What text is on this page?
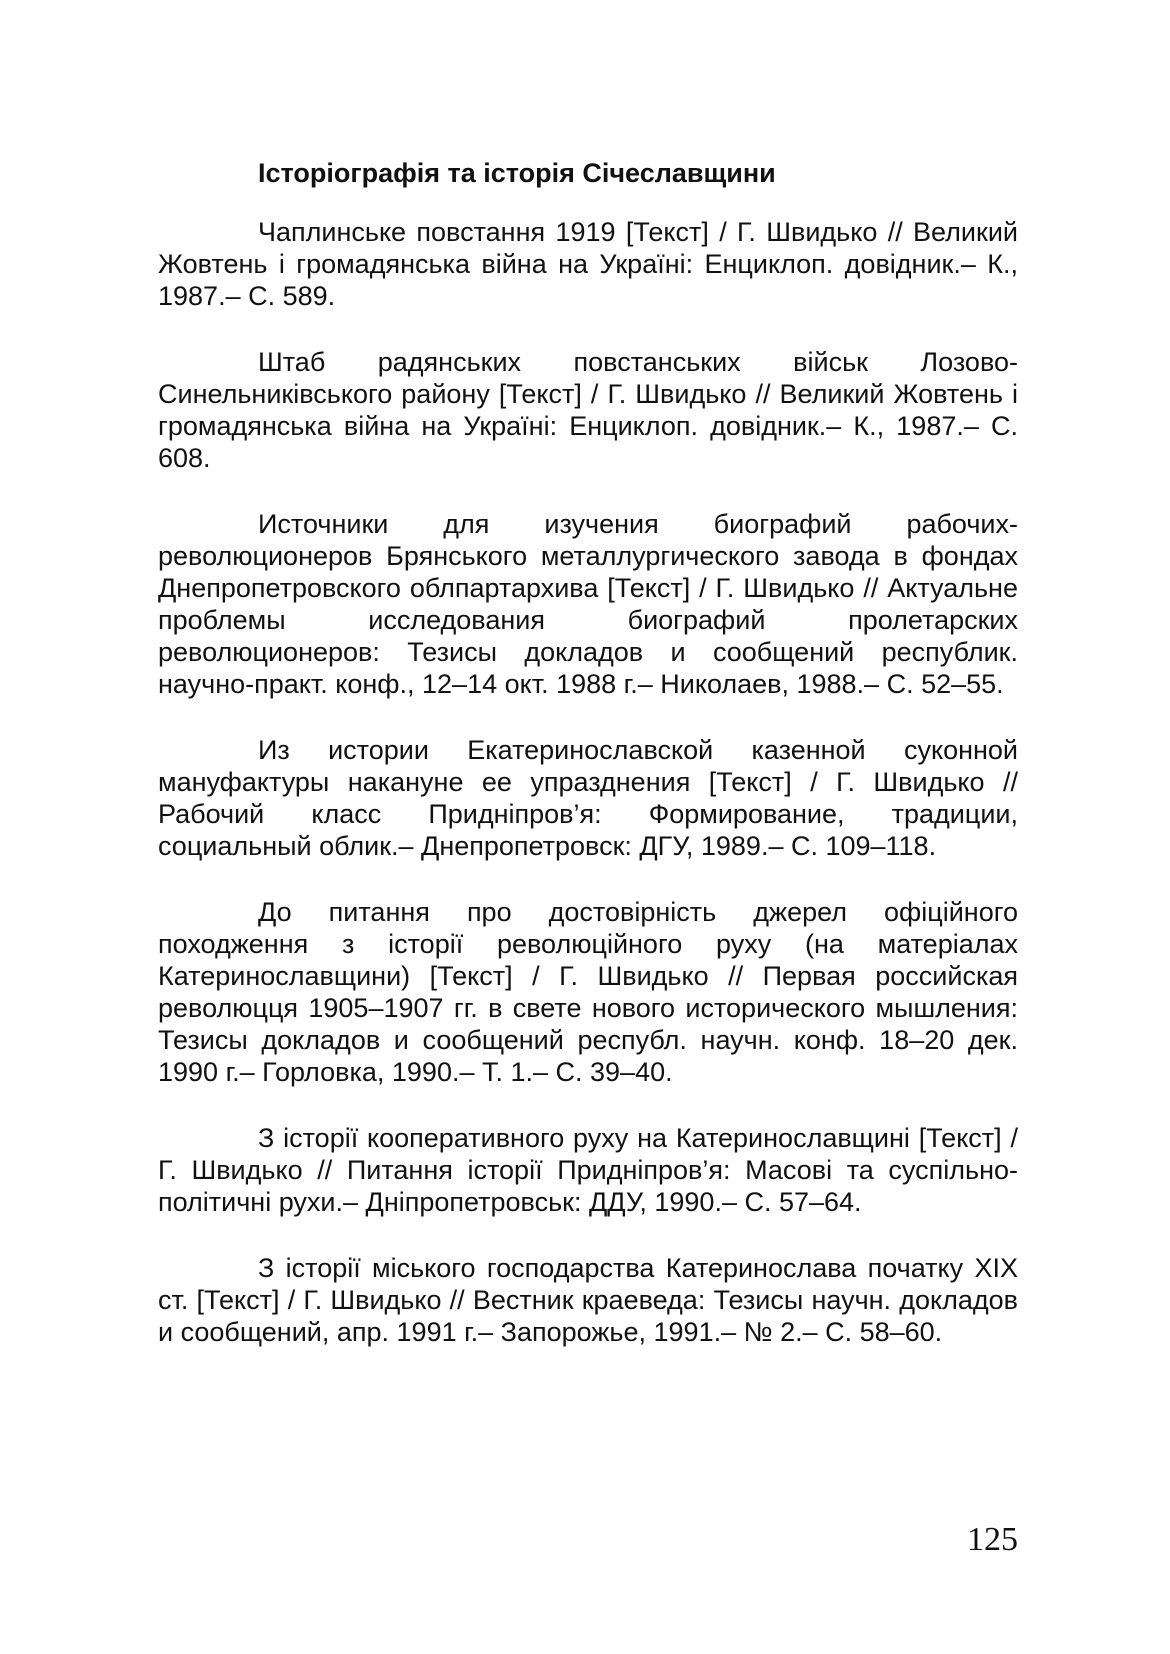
Історіографія та історія Січеславщини
Чаплинське повстання 1919 [Текст] / Г. Швидько // Великий Жовтень і громадянська війна на Україні: Енциклоп. довідник.– К., 1987.– С. 589.
Штаб радянських повстанських військ Лозово-Синельниківського району [Текст] / Г. Швидько // Великий Жовтень і громадянська війна на Україні: Енциклоп. довідник.– К., 1987.– С. 608.
Источники для изучения биографий рабочих-революционеров Брянського металлургического завода в фондах Днепропетровского облпартархива [Текст] / Г. Швидько // Актуальне проблемы исследования биографий пролетарских революционеров: Тезисы докладов и сообщений республик. научно-практ. конф., 12–14 окт. 1988 г.– Николаев, 1988.– С. 52–55.
Из истории Екатеринославской казенной суконной мануфактуры накануне ее упразднения [Текст] / Г. Швидько // Рабочий класс Придніпров’я: Формирование, традиции, социальный облик.– Днепропетровск: ДГУ, 1989.– С. 109–118.
До питання про достовірність джерел офіційного походження з історії революційного руху (на матеріалах Катеринославщини) [Текст] / Г. Швидько // Первая российская революцця 1905–1907 гг. в свете нового исторического мышления: Тезисы докладов и сообщений республ. научн. конф. 18–20 дек. 1990 г.– Горловка, 1990.– Т. 1.– С. 39–40.
З історії кооперативного руху на Катеринославщині [Текст] / Г. Швидько // Питання історії Придніпров’я: Масові та суспільно-політичні рухи.– Дніпропетровськ: ДДУ, 1990.– С. 57–64.
З історії міського господарства Катеринослава початку XIX ст. [Текст] / Г. Швидько // Вестник краеведа: Тезисы научн. докладов и сообщений, апр. 1991 г.– Запорожье, 1991.– № 2.– С. 58–60.
125
